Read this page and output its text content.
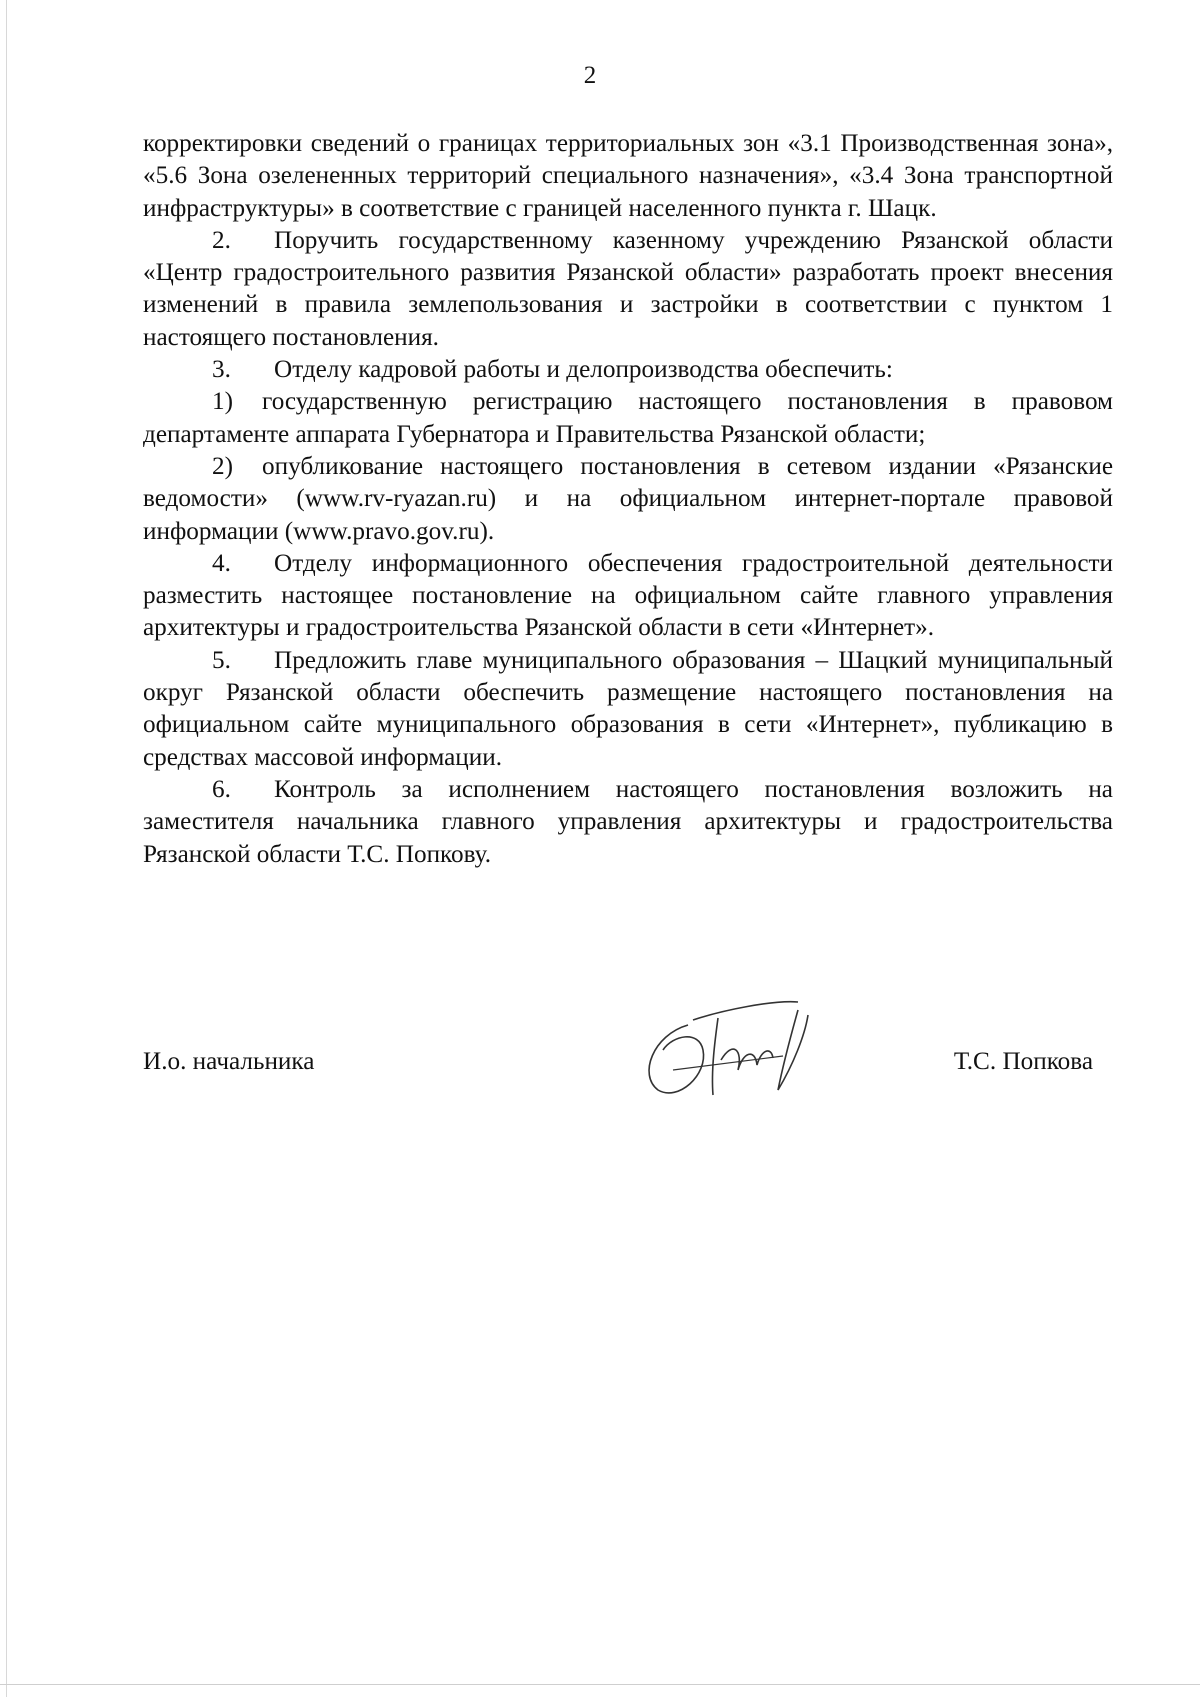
2

корректировки сведений о границах территориальных зон «3.1 Производственная зона», «5.6 Зона озелененных территорий специального назначения», «3.4 Зона транспортной инфраструктуры» в соответствие с границей населенного пункта г. Шацк.

2. Поручить государственному казенному учреждению Рязанской области «Центр градостроительного развития Рязанской области» разработать проект внесения изменений в правила землепользования и застройки в соответствии с пунктом 1 настоящего постановления.

3. Отделу кадровой работы и делопроизводства обеспечить:

1) государственную регистрацию настоящего постановления в правовом департаменте аппарата Губернатора и Правительства Рязанской области;

2) опубликование настоящего постановления в сетевом издании «Рязанские ведомости» (www.rv-ryazan.ru) и на официальном интернет-портале правовой информации (www.pravo.gov.ru).

4. Отделу информационного обеспечения градостроительной деятельности разместить настоящее постановление на официальном сайте главного управления архитектуры и градостроительства Рязанской области в сети «Интернет».

5. Предложить главе муниципального образования – Шацкий муниципальный округ Рязанской области обеспечить размещение настоящего постановления на официальном сайте муниципального образования в сети «Интернет», публикацию в средствах массовой информации.

6. Контроль за исполнением настоящего постановления возложить на заместителя начальника главного управления архитектуры и градостроительства Рязанской области Т.С. Попкову.

И.о. начальника	Т.С. Попкова
